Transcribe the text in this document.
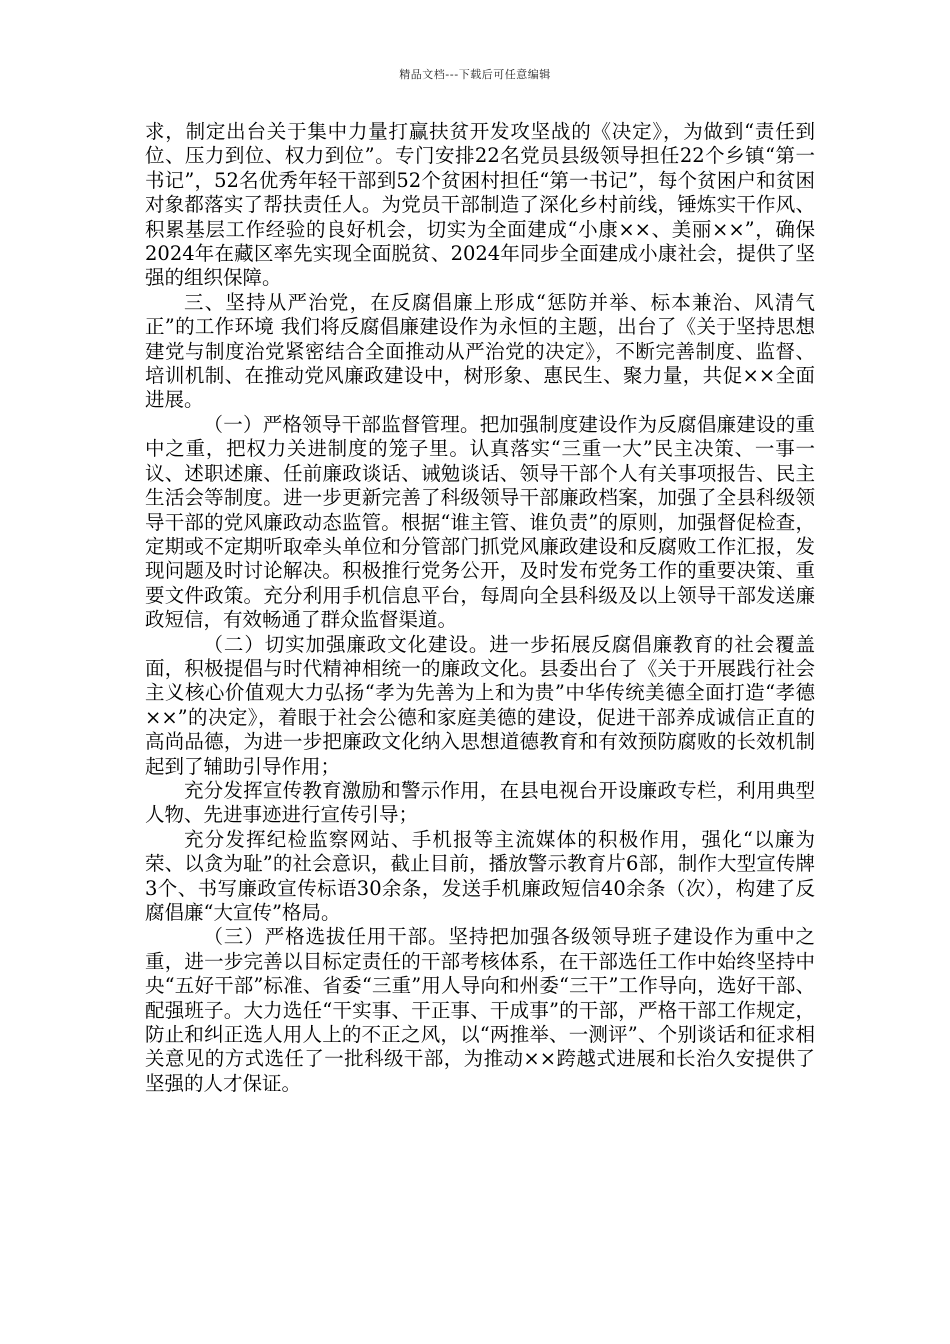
精品文档---下载后可任意编辑

求，制定出台关于集中力量打赢扶贫开发攻坚战的《决定》，为做到“责任到位、压力到位、权力到位”。专门安排22名党员县级领导担任22个乡镇“第一书记”，52名优秀年轻干部到52个贫困村担任“第一书记”，每个贫困户和贫困对象都落实了帮扶责任人。为党员干部制造了深化乡村前线，锤炼实干作风、积累基层工作经验的良好机会，切实为全面建成“小康××、美丽××”，确保2024年在藏区率先实现全面脱贫、2024年同步全面建成小康社会，提供了坚强的组织保障。

三、坚持从严治党，在反腐倡廉上形成“惩防并举、标本兼治、风清气正”的工作环境 我们将反腐倡廉建设作为永恒的主题，出台了《关于坚持思想建党与制度治党紧密结合全面推动从严治党的决定》，不断完善制度、监督、培训机制、在推动党风廉政建设中，树形象、惠民生、聚力量，共促××全面进展。

（一）严格领导干部监督管理。把加强制度建设作为反腐倡廉建设的重中之重，把权力关进制度的笼子里。认真落实“三重一大”民主决策、一事一议、述职述廉、任前廉政谈话、诫勉谈话、领导干部个人有关事项报告、民主生活会等制度。进一步更新完善了科级领导干部廉政档案，加强了全县科级领导干部的党风廉政动态监管。根据“谁主管、谁负责”的原则，加强督促检查，定期或不定期听取牵头单位和分管部门抓党风廉政建设和反腐败工作汇报，发现问题及时讨论解决。积极推行党务公开，及时发布党务工作的重要决策、重要文件政策。充分利用手机信息平台，每周向全县科级及以上领导干部发送廉政短信，有效畅通了群众监督渠道。

（二）切实加强廉政文化建设。进一步拓展反腐倡廉教育的社会覆盖面，积极提倡与时代精神相统一的廉政文化。县委出台了《关于开展践行社会主义核心价值观大力弘扬“孝为先善为上和为贵”中华传统美德全面打造“孝德××”的决定》，着眼于社会公德和家庭美德的建设，促进干部养成诚信正直的高尚品德，为进一步把廉政文化纳入思想道德教育和有效预防腐败的长效机制起到了辅助引导作用；

充分发挥宣传教育激励和警示作用，在县电视台开设廉政专栏，利用典型人物、先进事迹进行宣传引导；

充分发挥纪检监察网站、手机报等主流媒体的积极作用，强化“以廉为荣、以贪为耻”的社会意识，截止目前，播放警示教育片6部，制作大型宣传牌3个、书写廉政宣传标语30余条，发送手机廉政短信40余条（次），构建了反腐倡廉“大宣传”格局。

（三）严格选拔任用干部。坚持把加强各级领导班子建设作为重中之重，进一步完善以目标定责任的干部考核体系，在干部选任工作中始终坚持中央“五好干部”标准、省委“三重”用人导向和州委“三干”工作导向，选好干部、配强班子。大力选任“干实事、干正事、干成事”的干部，严格干部工作规定，防止和纠正选人用人上的不正之风，以“两推举、一测评”、个别谈话和征求相关意见的方式选任了一批科级干部，为推动××跨越式进展和长治久安提供了坚强的人才保证。
